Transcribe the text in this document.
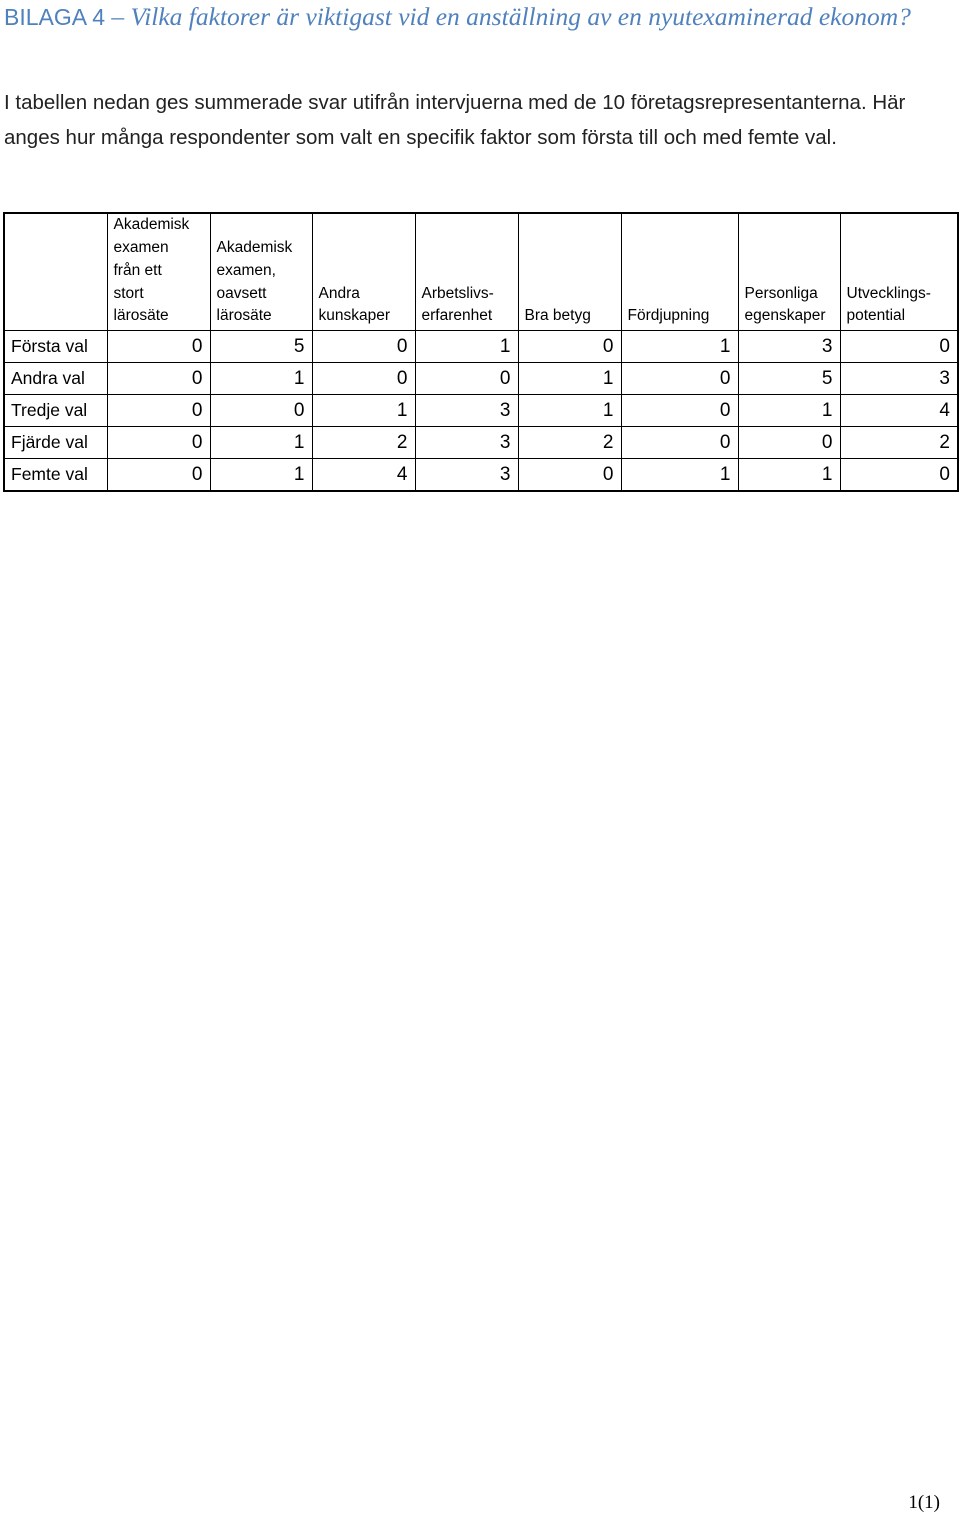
BILAGA 4 – Vilka faktorer är viktigast vid en anställning av en nyutexaminerad ekonom?

I tabellen nedan ges summerade svar utifrån intervjuerna med de 10 företagsrepresentanterna. Här anges hur många respondenter som valt en specifik faktor som första till och med femte val.

	Akademisk
examen
från ett
stort
lärosäte	Akademisk
examen,
oavsett
lärosäte	Andra
kunskaper	Arbetslivs-
erfarenhet	Bra betyg	Fördjupning	Personliga
egenskaper	Utvecklings-
potential

Första val	0	5	0	1	0	1	3	0
Andra val	0	1	0	0	1	0	5	3
Tredje val	0	0	1	3	1	0	1	4
Fjärde val	0	1	2	3	2	0	0	2
Femte val	0	1	4	3	0	1	1	0
1(1)
